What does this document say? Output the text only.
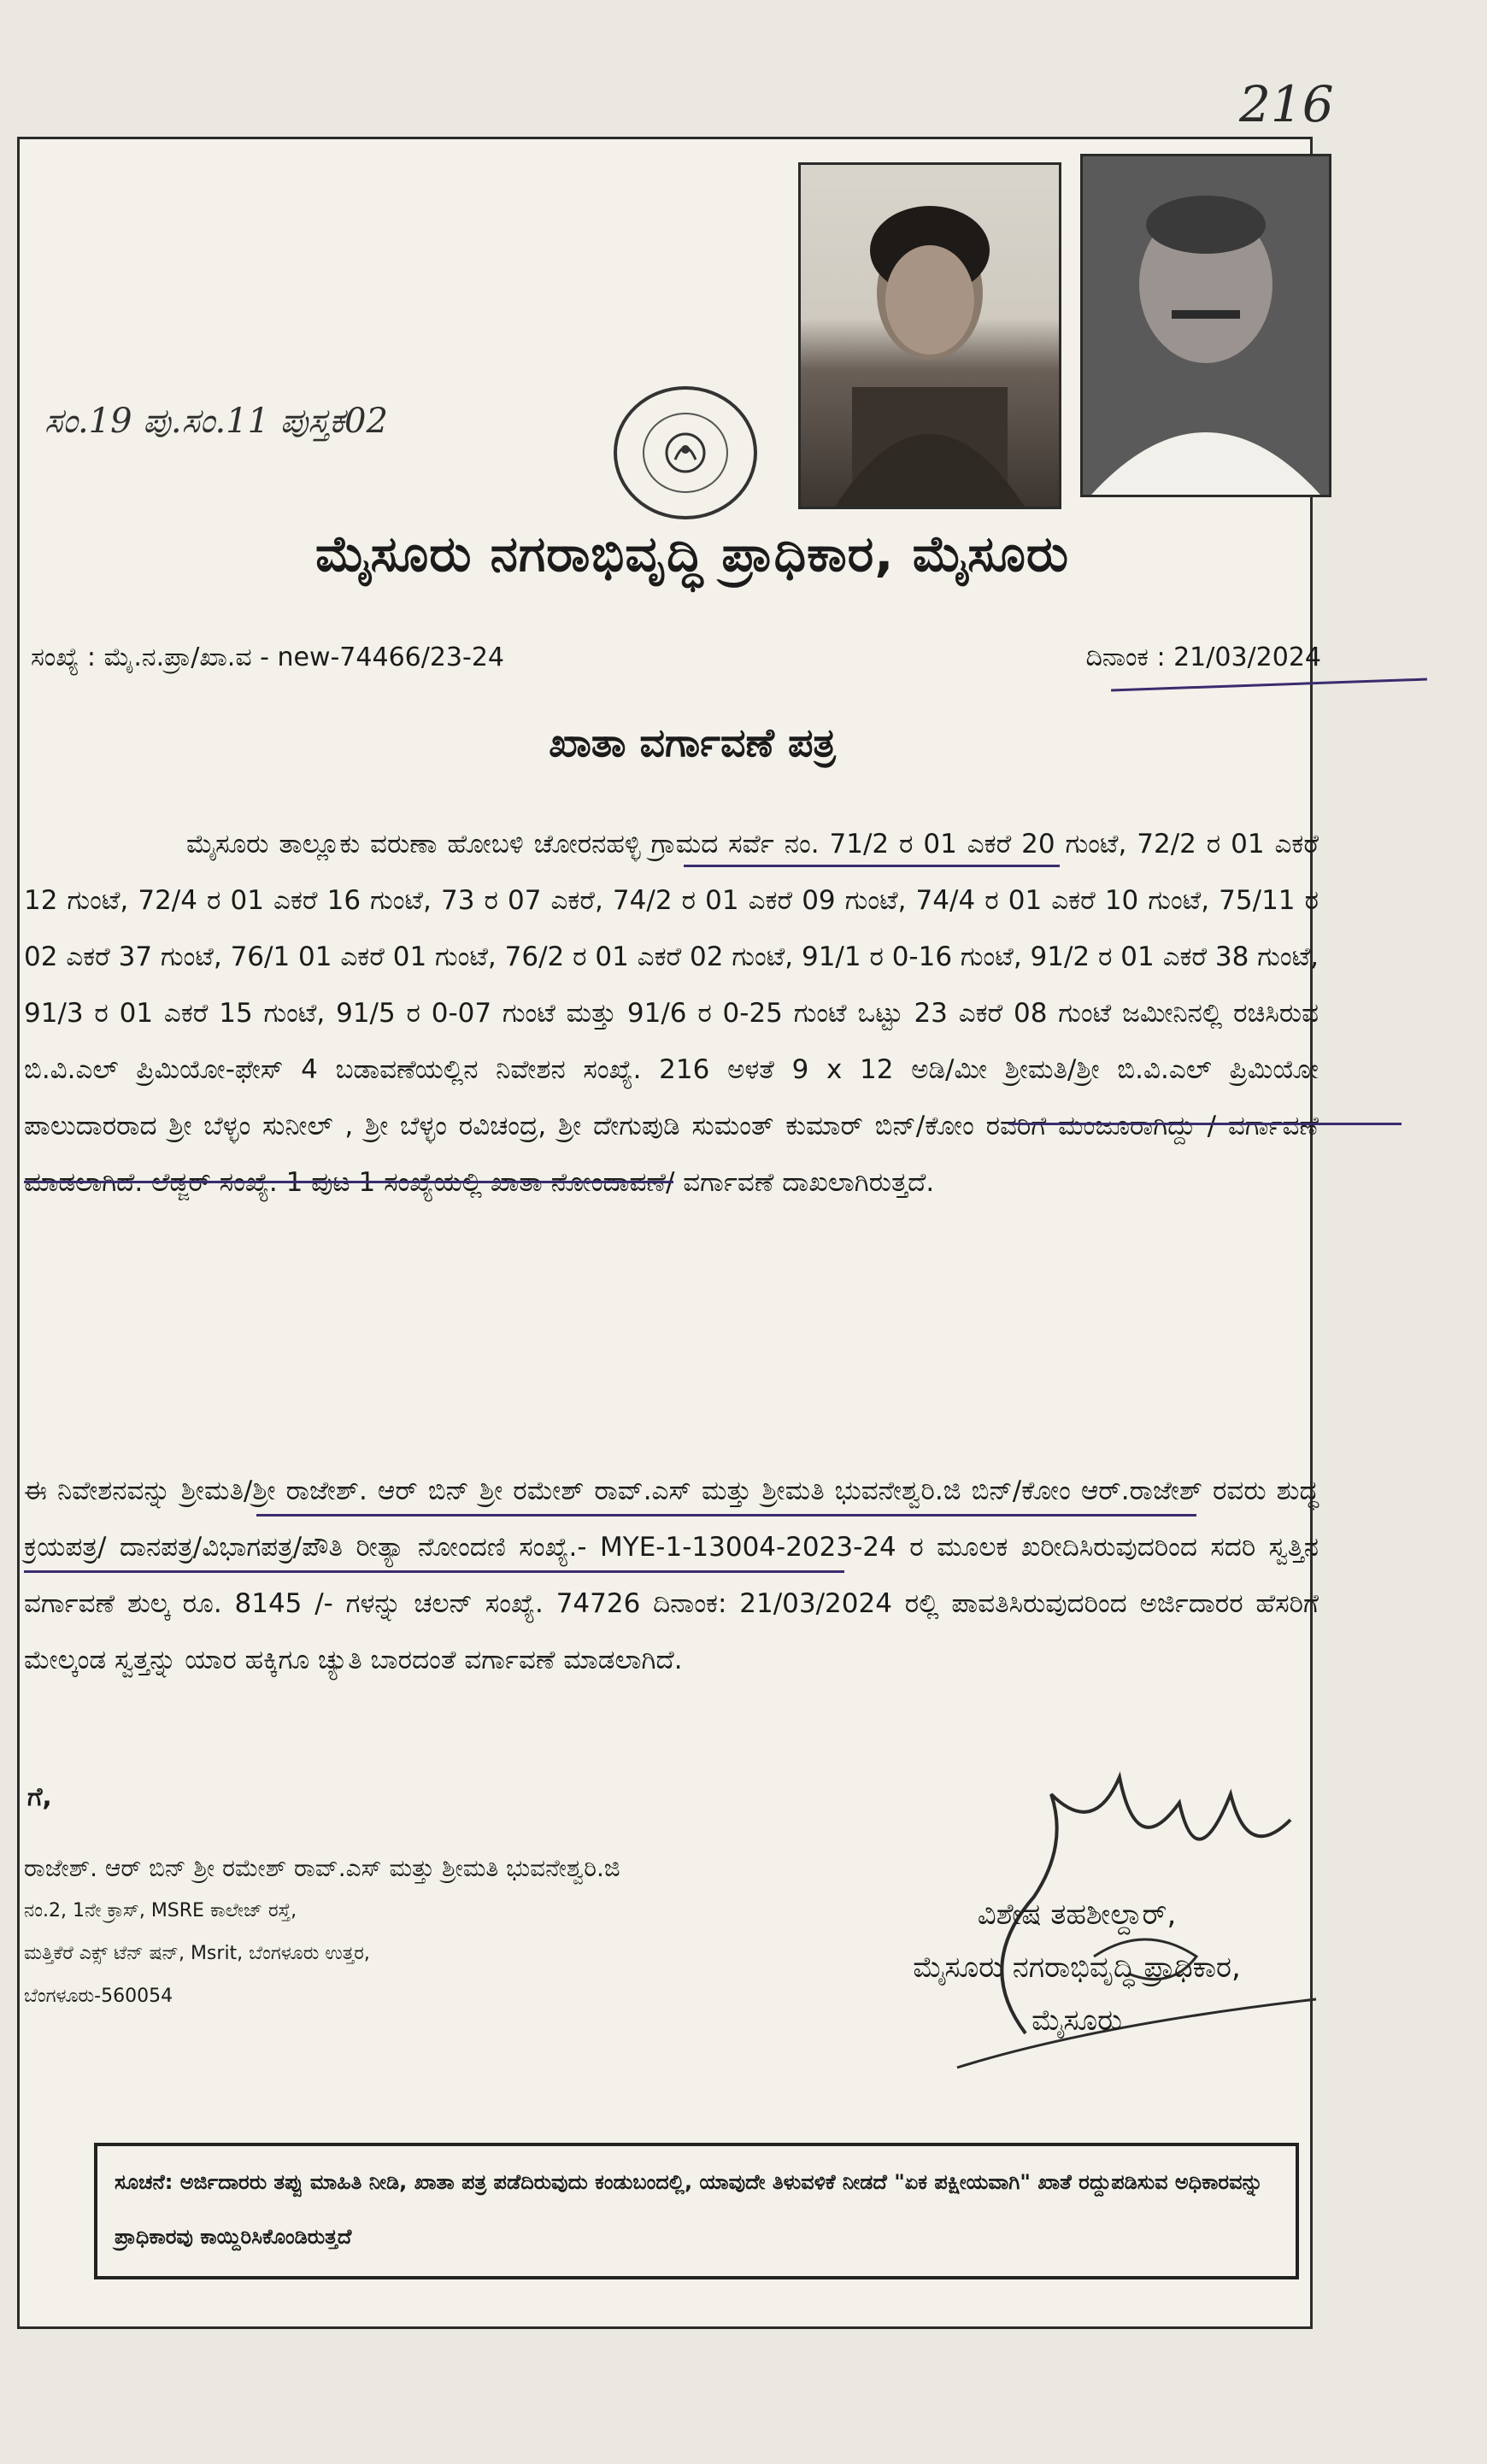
216
ಸಂ.19 ಪು.ಸಂ.11 ಪುಸ್ತಕ02
ಮೈಸೂರು ನಗರಾಭಿವೃದ್ಧಿ ಪ್ರಾಧಿಕಾರ, ಮೈಸೂರು
ಸಂಖ್ಯೆ : ಮೈ.ನ.ಪ್ರಾ/ಖಾ.ವ - new-74466/23-24	ದಿನಾಂಕ : 21/03/2024
ಖಾತಾ ವರ್ಗಾವಣೆ ಪತ್ರ
ಮೈಸೂರು ತಾಲ್ಲೂಕು ವರುಣಾ ಹೋಬಳಿ ಚೋರನಹಳ್ಳಿ ಗ್ರಾಮದ ಸರ್ವೆ ನಂ. 71/2 ರ 01 ಎಕರೆ 20 ಗುಂಟೆ, 72/2 ರ 01 ಎಕರೆ 12 ಗುಂಟೆ, 72/4 ರ 01 ಎಕರೆ 16 ಗುಂಟೆ, 73 ರ 07 ಎಕರೆ, 74/2 ರ 01 ಎಕರೆ 09 ಗುಂಟೆ, 74/4 ರ 01 ಎಕರೆ 10 ಗುಂಟೆ, 75/11 ರ 02 ಎಕರೆ 37 ಗುಂಟೆ, 76/1 01 ಎಕರೆ 01 ಗುಂಟೆ, 76/2 ರ 01 ಎಕರೆ 02 ಗುಂಟೆ, 91/1 ರ 0-16 ಗುಂಟೆ, 91/2 ರ 01 ಎಕರೆ 38 ಗುಂಟೆ, 91/3 ರ 01 ಎಕರೆ 15 ಗುಂಟೆ, 91/5 ರ 0-07 ಗುಂಟೆ ಮತ್ತು 91/6 ರ 0-25 ಗುಂಟೆ ಒಟ್ಟು 23 ಎಕರೆ 08 ಗುಂಟೆ ಜಮೀನಿನಲ್ಲಿ ರಚಿಸಿರುವ ಬಿ.ವಿ.ಎಲ್ ಪ್ರಿಮಿಯೋ-ಫೇಸ್ 4 ಬಡಾವಣೆಯಲ್ಲಿನ ನಿವೇಶನ ಸಂಖ್ಯೆ. 216 ಅಳತೆ 9 x 12 ಅಡಿ/ಮೀ ಶ್ರೀಮತಿ/ಶ್ರೀ ಬಿ.ವಿ.ಎಲ್ ಪ್ರಿಮಿಯೋ ಪಾಲುದಾರರಾದ ಶ್ರೀ ಬೆಳ್ಳಂ ಸುನೀಲ್ , ಶ್ರೀ ಬೆಳ್ಳಂ ರವಿಚಂದ್ರ, ಶ್ರೀ ದೇಗುಪುಡಿ ಸುಮಂತ್ ಕುಮಾರ್ ಬಿನ್/ಕೋಂ ರವರಿಗೆ ಮಂಜೂರಾಗಿದ್ದು / ವರ್ಗಾವಣೆ ಮಾಡಲಾಗಿದೆ. ಲೆಡ್ಜರ್ ಸಂಖ್ಯೆ. 1 ಪುಟ 1 ಸಂಖ್ಯೆಯಲ್ಲಿ ಖಾತಾ ನೋಂದಾವಣೆ/ ವರ್ಗಾವಣೆ ದಾಖಲಾಗಿರುತ್ತದೆ.
ಈ ನಿವೇಶನವನ್ನು ಶ್ರೀಮತಿ/ಶ್ರೀ ರಾಜೇಶ್. ಆರ್ ಬಿನ್ ಶ್ರೀ ರಮೇಶ್ ರಾವ್.ಎಸ್ ಮತ್ತು ಶ್ರೀಮತಿ ಭುವನೇಶ್ವರಿ.ಜಿ ಬಿನ್/ಕೋಂ ಆರ್.ರಾಜೇಶ್ ರವರು ಶುದ್ಧ ಕ್ರಯಪತ್ರ/ ದಾನಪತ್ರ/ವಿಭಾಗಪತ್ರ/ಪೌತಿ ರೀತ್ಯಾ ನೋಂದಣಿ ಸಂಖ್ಯೆ.- MYE-1-13004-2023-24 ರ ಮೂಲಕ ಖರೀದಿಸಿರುವುದರಿಂದ ಸದರಿ ಸ್ವತ್ತಿನ ವರ್ಗಾವಣೆ ಶುಲ್ಕ ರೂ. 8145 /- ಗಳನ್ನು ಚಲನ್ ಸಂಖ್ಯೆ. 74726 ದಿನಾಂಕ: 21/03/2024 ರಲ್ಲಿ ಪಾವತಿಸಿರುವುದರಿಂದ ಅರ್ಜಿದಾರರ ಹೆಸರಿಗೆ ಮೇಲ್ಕಂಡ ಸ್ವತ್ತನ್ನು ಯಾರ ಹಕ್ಕಿಗೂ ಚ್ಯುತಿ ಬಾರದಂತೆ ವರ್ಗಾವಣೆ ಮಾಡಲಾಗಿದೆ.
ಗೆ,
ರಾಜೇಶ್. ಆರ್ ಬಿನ್ ಶ್ರೀ ರಮೇಶ್ ರಾವ್.ಎಸ್ ಮತ್ತು ಶ್ರೀಮತಿ ಭುವನೇಶ್ವರಿ.ಜಿ
ನಂ.2, 1ನೇ ಕ್ರಾಸ್, MSRE ಕಾಲೇಜ್ ರಸ್ತೆ,
ಮತ್ತಿಕೆರೆ ಎಕ್ಸ್ ಟೆನ್ ಷನ್, Msrit, ಬೆಂಗಳೂರು ಉತ್ತರ,
ಬೆಂಗಳೂರು-560054
ವಿಶೇಷ ತಹಶೀಲ್ದಾರ್,
ಮೈಸೂರು ನಗರಾಭಿವೃದ್ಧಿ ಪ್ರಾಧಿಕಾರ,
ಮೈಸೂರು
ಸೂಚನೆ: ಅರ್ಜಿದಾರರು ತಪ್ಪು ಮಾಹಿತಿ ನೀಡಿ, ಖಾತಾ ಪತ್ರ ಪಡೆದಿರುವುದು ಕಂಡುಬಂದಲ್ಲಿ, ಯಾವುದೇ ತಿಳುವಳಿಕೆ ನೀಡದೆ "ಏಕ ಪಕ್ಷೀಯವಾಗಿ" ಖಾತೆ ರದ್ದುಪಡಿಸುವ ಅಧಿಕಾರವನ್ನು ಪ್ರಾಧಿಕಾರವು ಕಾಯ್ದಿರಿಸಿಕೊಂಡಿರುತ್ತದೆ
